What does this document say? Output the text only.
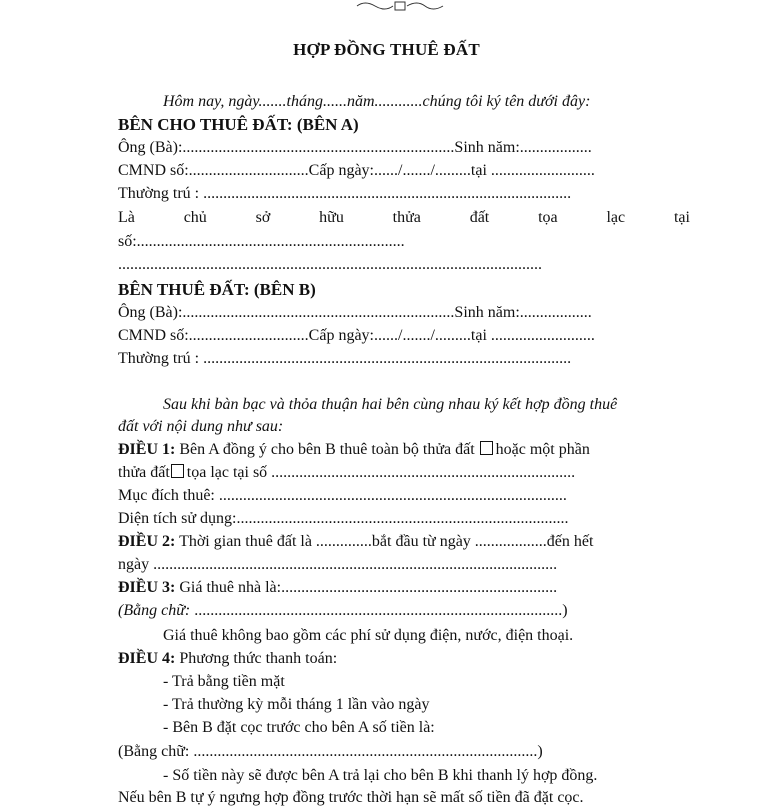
HỢP ĐỒNG THUÊ ĐẤT
Hôm nay, ngày.......tháng......năm............chúng tôi ký tên dưới đây:
BÊN CHO THUÊ ĐẤT: (BÊN A)
Ông (Bà):....................................................................Sinh năm:..................
CMND số:..............................Cấp ngày:....../......./.........tại ..........................
Thường trú : ............................................................................................
Là	chủ	sở	hữu	thửa	đất	tọa	lạc	tại
số:...................................................................
..........................................................................................................
BÊN THUÊ ĐẤT: (BÊN B)
Ông (Bà):....................................................................Sinh năm:..................
CMND số:..............................Cấp ngày:....../......./.........tại ..........................
Thường trú : ............................................................................................
Sau khi bàn bạc và thỏa thuận hai bên cùng nhau ký kết hợp đồng thuê
đất với nội dung như sau:
ĐIỀU 1: Bên A đồng ý cho bên B thuê toàn bộ thửa đất hoặc một phần
thửa đất tọa lạc tại số ............................................................................
Mục đích thuê: .......................................................................................
Diện tích sử dụng:...................................................................................
ĐIỀU 2: Thời gian thuê đất là ..............bắt đầu từ ngày ..................đến hết
ngày .....................................................................................................
ĐIỀU 3: Giá thuê nhà là:.....................................................................
(Bằng chữ: ............................................................................................)
Giá thuê không bao gồm các phí sử dụng điện, nước, điện thoại.
ĐIỀU 4: Phương thức thanh toán:
- Trả bằng tiền mặt
- Trả thường kỳ mỗi tháng 1 lần vào ngày
- Bên B đặt cọc trước cho bên A số tiền là:
(Bằng chữ: ......................................................................................)
- Số tiền này sẽ được bên A trả lại cho bên B khi thanh lý hợp đồng.
Nếu bên B tự ý ngưng hợp đồng trước thời hạn sẽ mất số tiền đã đặt cọc.
